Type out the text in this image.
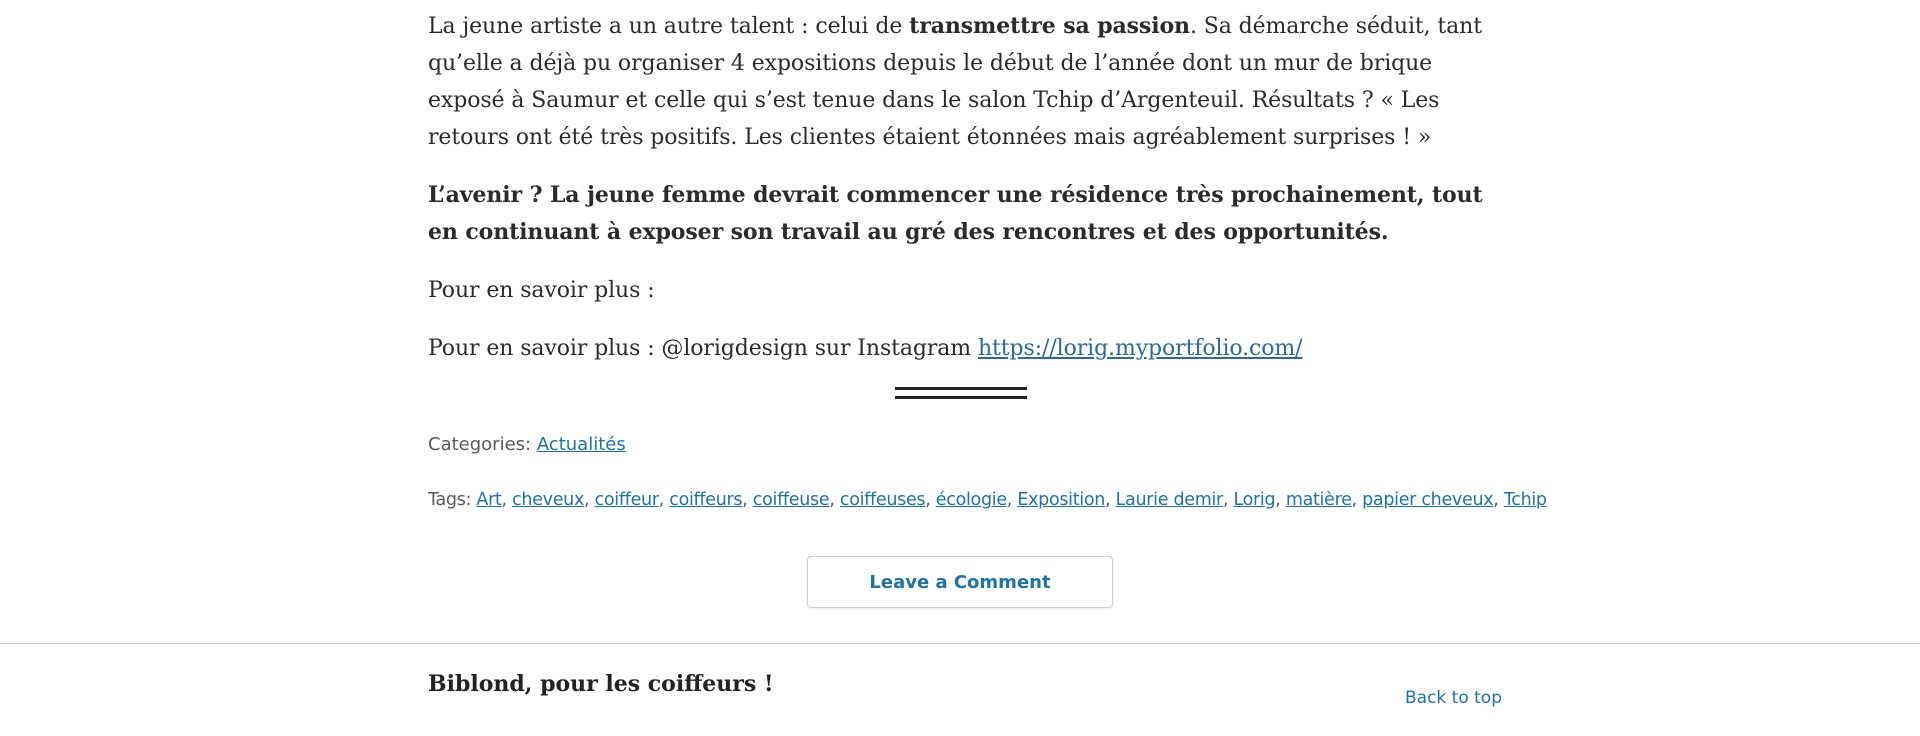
La jeune artiste a un autre talent : celui de transmettre sa passion. Sa démarche séduit, tant qu’elle a déjà pu organiser 4 expositions depuis le début de l’année dont un mur de brique exposé à Saumur et celle qui s’est tenue dans le salon Tchip d’Argenteuil. Résultats ? « Les retours ont été très positifs. Les clientes étaient étonnées mais agréablement surprises ! »

L’avenir ? La jeune femme devrait commencer une résidence très prochainement, tout en continuant à exposer son travail au gré des rencontres et des opportunités.

Pour en savoir plus :

Pour en savoir plus : @lorigdesign sur Instagram https://lorig.myportfolio.com/

Categories: Actualités
Tags: Art, cheveux, coiffeur, coiffeurs, coiffeuse, coiffeuses, écologie, Exposition, Laurie demir, Lorig, matière, papier cheveux, Tchip
Leave a Comment
Biblond, pour les coiffeurs !
Back to top
